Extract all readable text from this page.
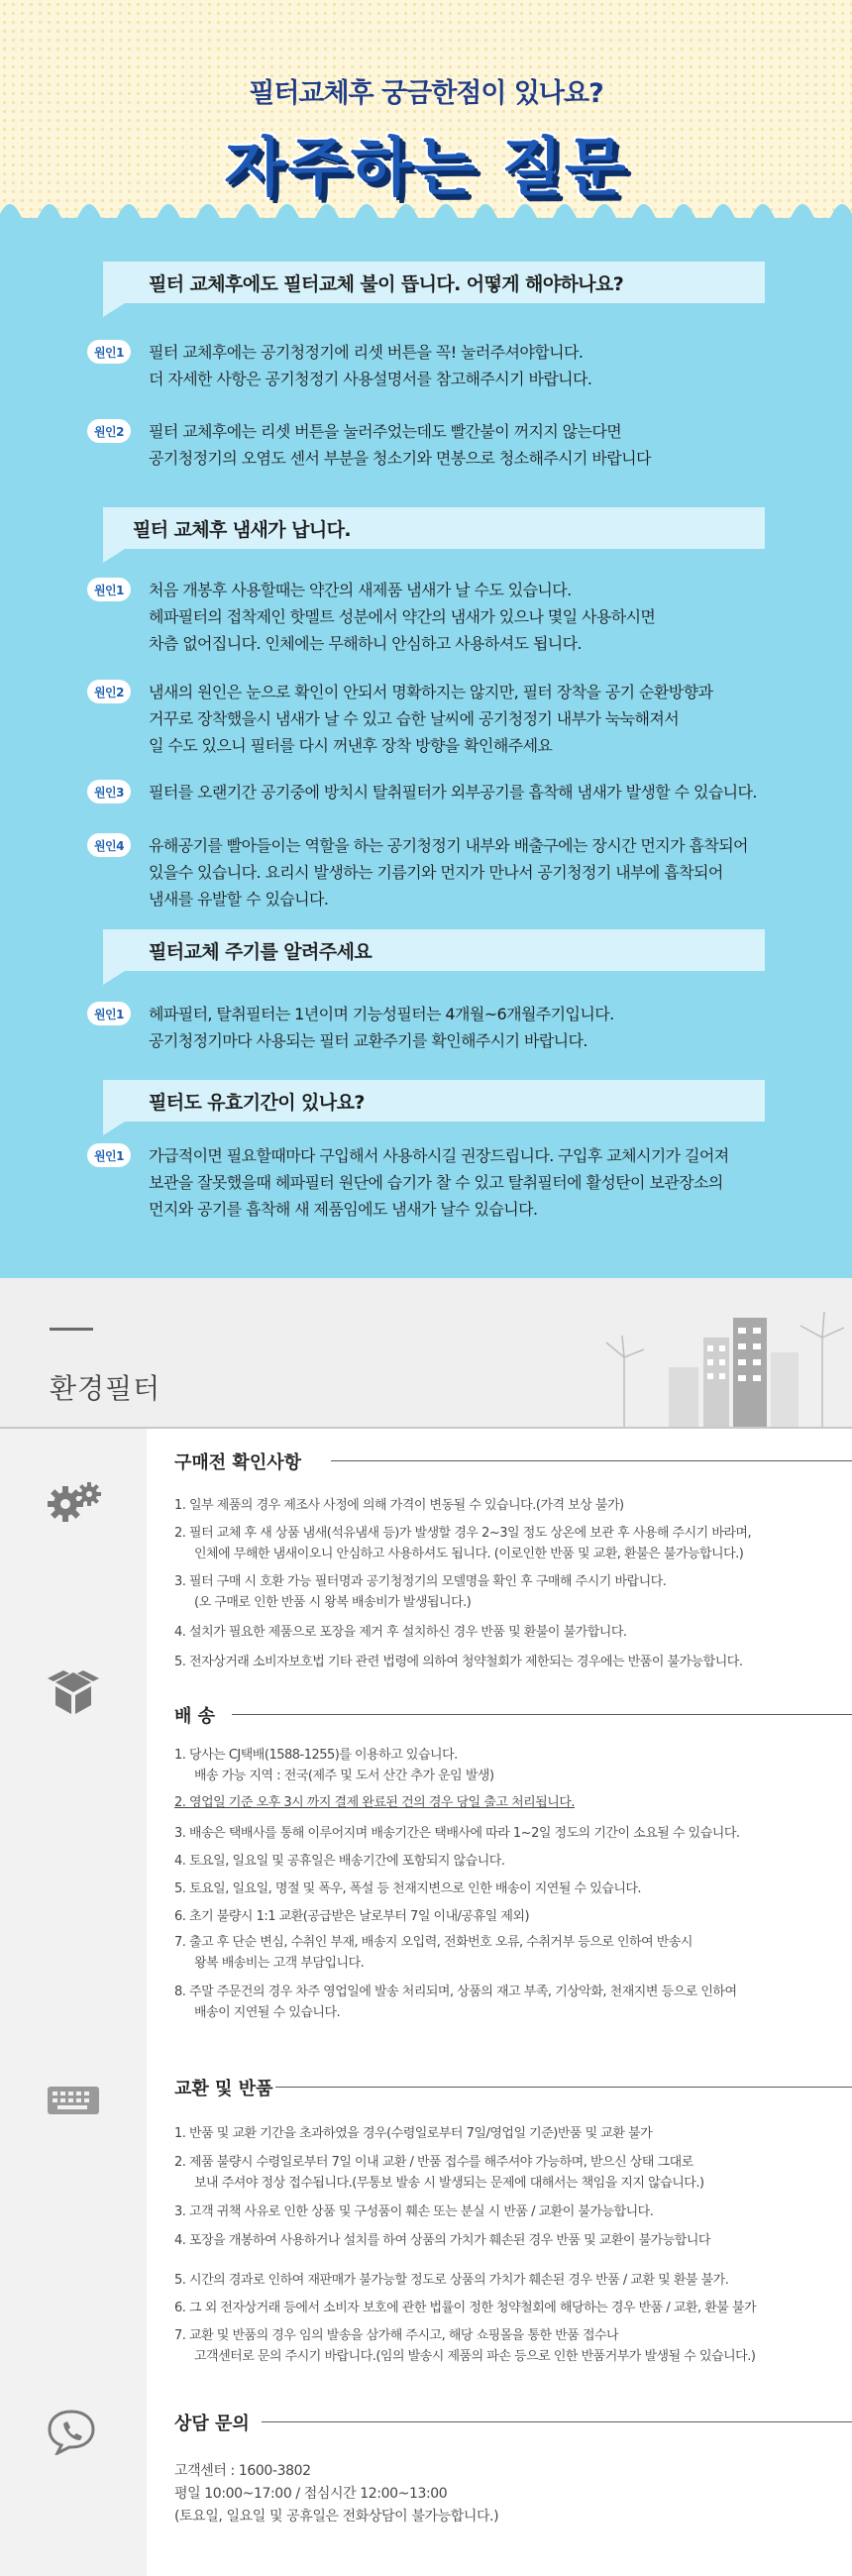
필터교체후 궁금한점이 있나요?
자주하는 질문
필터 교체후에도 필터교체 불이 뜹니다. 어떻게 해야하나요?
원인1	필터 교체후에는 공기청정기에 리셋 버튼을 꼭! 눌러주셔야합니다.
더 자세한 사항은 공기청정기 사용설명서를 참고해주시기 바랍니다.
원인2	필터 교체후에는 리셋 버튼을 눌러주었는데도 빨간불이 꺼지지 않는다면
공기청정기의 오염도 센서 부분을 청소기와 면봉으로 청소해주시기 바랍니다
필터 교체후 냄새가 납니다.
원인1	처음 개봉후 사용할때는 약간의 새제품 냄새가 날 수도 있습니다.
헤파필터의 접착제인 핫멜트 성분에서 약간의 냄새가 있으나 몇일 사용하시면
차츰 없어집니다. 인체에는 무해하니 안심하고 사용하셔도 됩니다.
원인2	냄새의 원인은 눈으로 확인이 안되서 명확하지는 않지만, 필터 장착을 공기 순환방향과
거꾸로 장착했을시 냄새가 날 수 있고 습한 날씨에 공기청정기 내부가 눅눅해져서
일 수도 있으니 필터를 다시 꺼낸후 장착 방향을 확인해주세요
원인3	필터를 오랜기간 공기중에 방치시 탈취필터가 외부공기를 흡착해 냄새가 발생할 수 있습니다.
원인4	유해공기를 빨아들이는 역할을 하는 공기청정기 내부와 배출구에는 장시간 먼지가 흡착되어
있을수 있습니다. 요리시 발생하는 기름기와 먼지가 만나서 공기청정기 내부에 흡착되어
냄새를 유발할 수 있습니다.
필터교체 주기를 알려주세요
원인1	헤파필터, 탈취필터는 1년이며 기능성필터는 4개월~6개월주기입니다.
공기청정기마다 사용되는 필터 교환주기를 확인해주시기 바랍니다.
필터도 유효기간이 있나요?
원인1	가급적이면 필요할때마다 구입해서 사용하시길 권장드립니다. 구입후 교체시기가 길어져
보관을 잘못했을때 헤파필터 원단에 습기가 찰 수 있고 탈취필터에 활성탄이 보관장소의
먼지와 공기를 흡착해 새 제품임에도 냄새가 날수 있습니다.
환경필터
구매전 확인사항
1. 일부 제품의 경우 제조사 사정에 의해 가격이 변동될 수 있습니다.(가격 보상 불가)
2. 필터 교체 후 새 상품 냄새(석유냄새 등)가 발생할 경우 2~3일 정도 상온에 보관 후 사용해 주시기 바라며,
인체에 무해한 냄새이오니 안심하고 사용하셔도 됩니다. (이로인한 반품 및 교환, 환불은 불가능합니다.)
3. 필터 구매 시 호환 가능 필터명과 공기청정기의 모델명을 확인 후 구매해 주시기 바랍니다.
(오 구매로 인한 반품 시 왕복 배송비가 발생됩니다.)
4. 설치가 필요한 제품으로 포장을 제거 후 설치하신 경우 반품 및 환불이 불가합니다.
5. 전자상거래 소비자보호법 기타 관련 법령에 의하여 청약철회가 제한되는 경우에는 반품이 불가능합니다.
배 송
1. 당사는 CJ택배(1588-1255)를 이용하고 있습니다.
배송 가능 지역 : 전국(제주 및 도서 산간 추가 운임 발생)
2. 영업일 기준 오후 3시 까지 결제 완료된 건의 경우 당일 출고 처리됩니다.
3. 배송은 택배사를 통해 이루어지며 배송기간은 택배사에 따라 1~2일 정도의 기간이 소요될 수 있습니다.
4. 토요일, 일요일 및 공휴일은 배송기간에 포함되지 않습니다.
5. 토요일, 일요일, 명절 및 폭우, 폭설 등 천재지변으로 인한 배송이 지연될 수 있습니다.
6. 초기 불량시 1:1 교환(공급받은 날로부터 7일 이내/공휴일 제외)
7. 출고 후 단순 변심, 수취인 부재, 배송지 오입력, 전화번호 오류, 수취거부 등으로 인하여 반송시
왕복 배송비는 고객 부담입니다.
8. 주말 주문건의 경우 차주 영업일에 발송 처리되며, 상품의 재고 부족, 기상악화, 천재지변 등으로 인하여
배송이 지연될 수 있습니다.
교환 및 반품
1. 반품 및 교환 기간을 초과하였을 경우(수령일로부터 7일/영업일 기준)반품 및 교환 불가
2. 제품 불량시 수령일로부터 7일 이내 교환 / 반품 접수를 해주셔야 가능하며, 받으신 상태 그대로
보내 주셔야 정상 접수됩니다.(무통보 발송 시 발생되는 문제에 대해서는 책임을 지지 않습니다.)
3. 고객 귀책 사유로 인한 상품 및 구성품이 훼손 또는 분실 시 반품 / 교환이 불가능합니다.
4. 포장을 개봉하여 사용하거나 설치를 하여 상품의 가치가 훼손된 경우 반품 및 교환이 불가능합니다
5. 시간의 경과로 인하여 재판매가 불가능할 정도로 상품의 가치가 훼손된 경우 반품 / 교환 및 환불 불가.
6. 그 외 전자상거래 등에서 소비자 보호에 관한 법률이 정한 청약철회에 해당하는 경우 반품 / 교환, 환불 불가
7. 교환 및 반품의 경우 임의 발송을 삼가해 주시고, 해당 쇼핑몰을 통한 반품 접수나
고객센터로 문의 주시기 바랍니다.(임의 발송시 제품의 파손 등으로 인한 반품거부가 발생될 수 있습니다.)
상담 문의
고객센터 : 1600-3802
평일 10:00~17:00 / 점심시간 12:00~13:00
(토요일, 일요일 및 공휴일은 전화상담이 불가능합니다.)
